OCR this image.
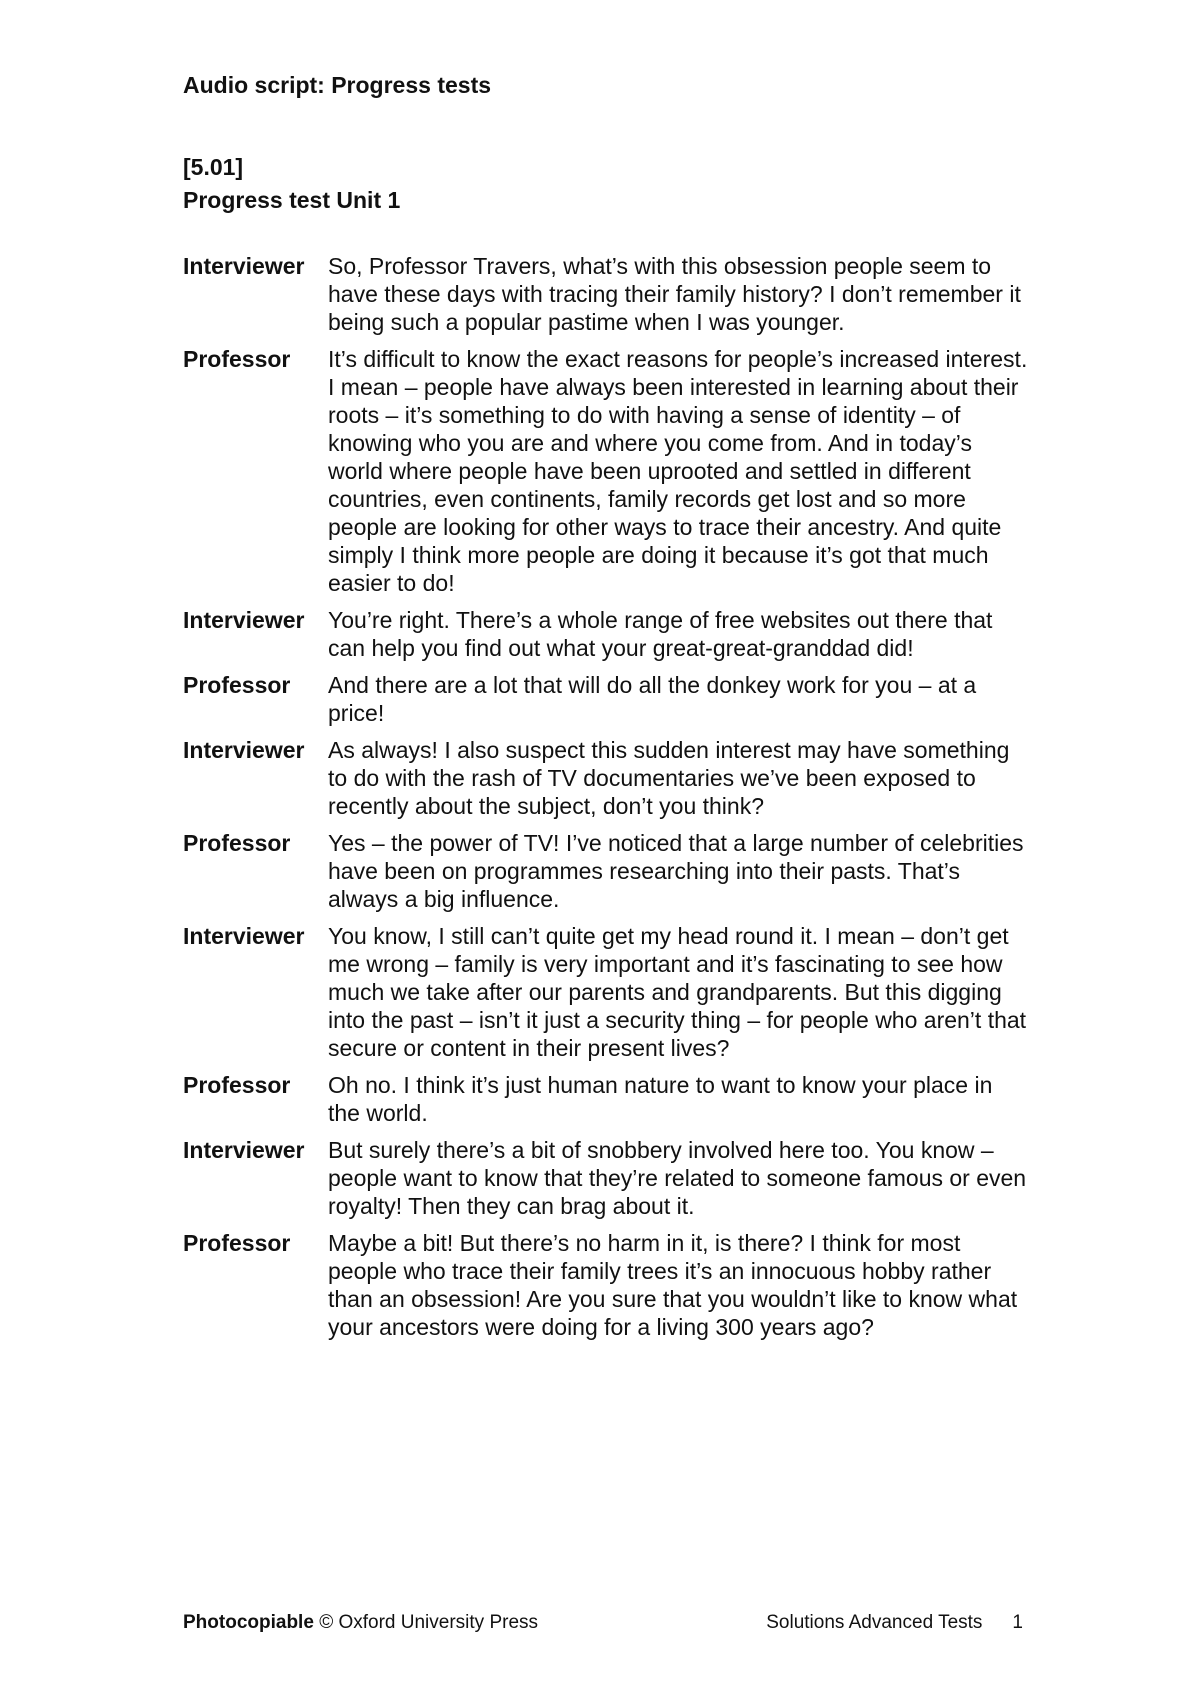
Audio script: Progress tests
[5.01]
Progress test Unit 1
Interviewer	So, Professor Travers, what’s with this obsession people seem to have these days with tracing their family history? I don’t remember it being such a popular pastime when I was younger.
Professor	It’s difficult to know the exact reasons for people’s increased interest. I mean – people have always been interested in learning about their roots – it’s something to do with having a sense of identity – of knowing who you are and where you come from. And in today’s world where people have been uprooted and settled in different countries, even continents, family records get lost and so more people are looking for other ways to trace their ancestry. And quite simply I think more people are doing it because it’s got that much easier to do!
Interviewer	You’re right. There’s a whole range of free websites out there that can help you find out what your great-great-granddad did!
Professor	And there are a lot that will do all the donkey work for you – at a price!
Interviewer	As always! I also suspect this sudden interest may have something to do with the rash of TV documentaries we’ve been exposed to recently about the subject, don’t you think?
Professor	Yes – the power of TV! I’ve noticed that a large number of celebrities have been on programmes researching into their pasts. That’s always a big influence.
Interviewer	You know, I still can’t quite get my head round it. I mean – don’t get me wrong – family is very important and it’s fascinating to see how much we take after our parents and grandparents. But this digging into the past – isn’t it just a security thing – for people who aren’t that secure or content in their present lives?
Professor	Oh no. I think it’s just human nature to want to know your place in the world.
Interviewer	But surely there’s a bit of snobbery involved here too. You know – people want to know that they’re related to someone famous or even royalty! Then they can brag about it.
Professor	Maybe a bit! But there’s no harm in it, is there? I think for most people who trace their family trees it’s an innocuous hobby rather than an obsession! Are you sure that you wouldn’t like to know what your ancestors were doing for a living 300 years ago?
Photocopiable © Oxford University Press	Solutions Advanced Tests 1
